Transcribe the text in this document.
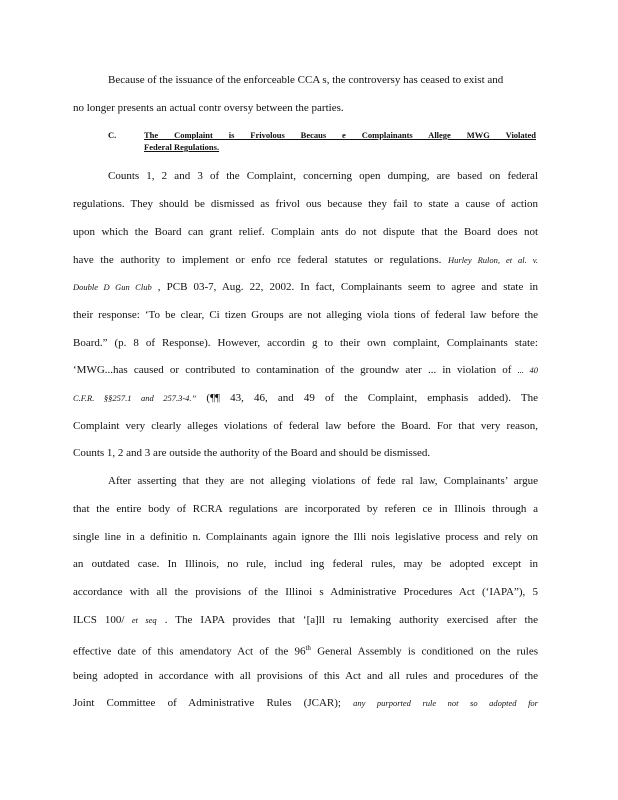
Because of the issuance of the enforceable CCA s, the controversy has ceased to exist and
no longer presents an actual contr oversy between the parties.
C.	The Complaint is Frivolous Becaus e Complainants Allege MWG Violated
Federal Regulations.
Counts 1, 2 and 3 of the Complaint, concerning open dumping, are based on federal
regulations. They should be dismissed as frivol ous because they fail to state a cause of action
upon which the Board can grant relief. Complain ants do not dispute that the Board does not
have the authority to implement or enfo rce federal statutes or regulations. Hurley Rulon, et al. v.
Double D Gun Club , PCB 03-7, Aug. 22, 2002. In fact, Complainants seem to agree and state in
their response: ‘To be clear, Ci tizen Groups are not alleging viola tions of federal law before the
Board.” (p. 8 of Response). However, accordin g to their own complaint, Complainants state:
‘MWG...has caused or contributed to contamination of the groundw ater ... in violation of ... 40
C.F.R. §§257.1 and 257.3-4.” (¶¶ 43, 46, and 49 of the Complaint, emphasis added). The
Complaint very clearly alleges violations of federal law before the Board. For that very reason,
Counts 1, 2 and 3 are outside the authority of the Board and should be dismissed.
After asserting that they are not alleging violations of fede ral law, Complainants’ argue
that the entire body of RCRA regulations are incorporated by referen ce in Illinois through a
single line in a definitio n. Complainants again ignore the Illi nois legislative process and rely on
an outdated case. In Illinois, no rule, includ ing federal rules, may be adopted except in
accordance with all the provisions of the Illinoi s Administrative Procedures Act (‘IAPA”), 5
ILCS 100/ et seq . The IAPA provides that ‘[a]ll ru lemaking authority exercised after the
effective date of this amendatory Act of the 96th General Assembly is conditioned on the rules
being adopted in accordance with all provisions of this Act and all rules and procedures of the
Joint Committee of Administrative Rules (JCAR); any purported rule not so adopted for
